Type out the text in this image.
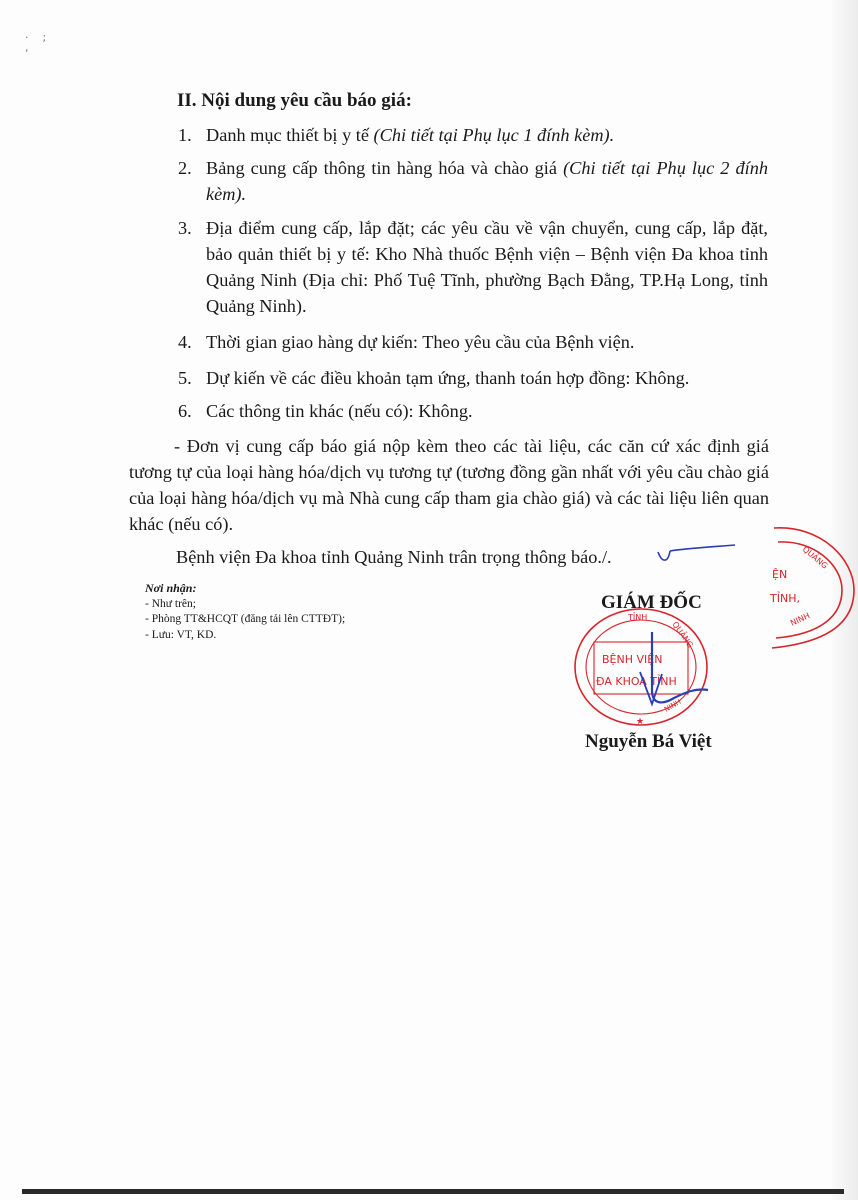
·    ;
,
II. Nội dung yêu cầu báo giá:
1. Danh mục thiết bị y tế (Chi tiết tại Phụ lục 1 đính kèm).
2. Bảng cung cấp thông tin hàng hóa và chào giá (Chi tiết tại Phụ lục 2 đính kèm).
3. Địa điểm cung cấp, lắp đặt; các yêu cầu về vận chuyển, cung cấp, lắp đặt, bảo quản thiết bị y tế: Kho Nhà thuốc Bệnh viện – Bệnh viện Đa khoa tỉnh Quảng Ninh (Địa chỉ: Phố Tuệ Tĩnh, phường Bạch Đằng, TP.Hạ Long, tỉnh Quảng Ninh).
4. Thời gian giao hàng dự kiến: Theo yêu cầu của Bệnh viện.
5. Dự kiến về các điều khoản tạm ứng, thanh toán hợp đồng: Không.
6. Các thông tin khác (nếu có): Không.
- Đơn vị cung cấp báo giá nộp kèm theo các tài liệu, các căn cứ xác định giá tương tự của loại hàng hóa/dịch vụ tương tự (tương đồng gần nhất với yêu cầu chào giá của loại hàng hóa/dịch vụ mà Nhà cung cấp tham gia chào giá) và các tài liệu liên quan khác (nếu có).
Bệnh viện Đa khoa tỉnh Quảng Ninh trân trọng thông báo./.
Nơi nhận:
- Như trên;
- Phòng TT&HCQT (đăng tải lên CTTĐT);
- Lưu: VT, KD.
ỆN
TỈNH,
QUẢNG
NINH
GIÁM ĐỐC
BỆNH VIỆN
ĐA KHOA TỈNH
TỈNH
QUẢNG
NINH
★
Nguyễn Bá Việt
